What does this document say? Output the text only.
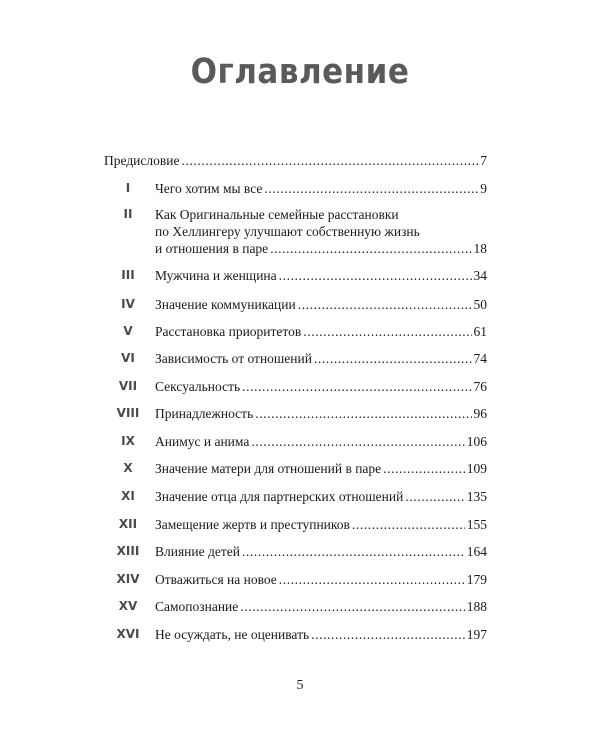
Оглавление
Предисловие .....	7
I	Чего хотим мы все .....	9
II	Как Оригинальные семейные расстановки
по Хеллингеру улучшают собственную жизнь
и отношения в паре .....	18
III	Мужчина и женщина .....	34
IV	Значение коммуникации .....	50
V	Расстановка приоритетов .....	61
VI	Зависимость от отношений .....	74
VII	Сексуальность .....	76
VIII	Принадлежность .....	96
IX	Анимус и анима .....	106
X	Значение матери для отношений в паре .....	109
XI	Значение отца для партнерских отношений .....	135
XII	Замещение жертв и преступников .....	155
XIII	Влияние детей .....	164
XIV	Отважиться на новое .....	179
XV	Самопознание .....	188
XVI	Не осуждать, не оценивать .....	197
5
